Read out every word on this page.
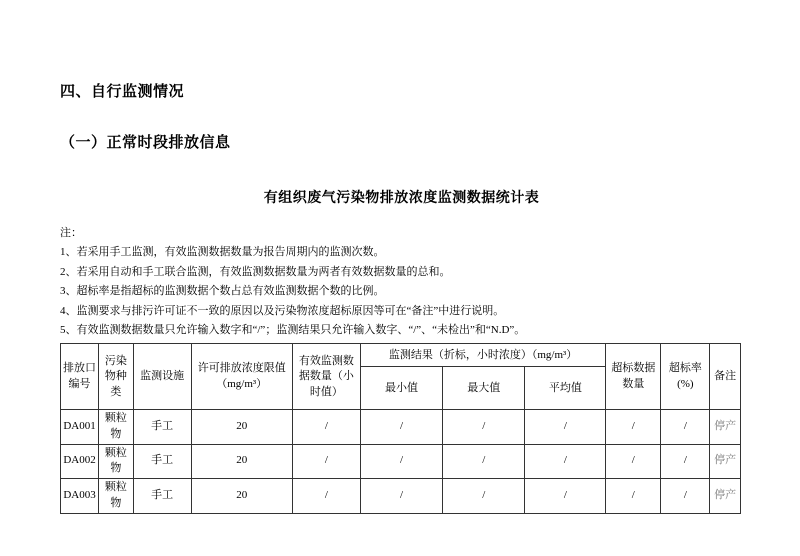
四、自行监测情况
（一）正常时段排放信息
有组织废气污染物排放浓度监测数据统计表
注：
1、若采用手工监测，有效监测数据数量为报告周期内的监测次数。
2、若采用自动和手工联合监测，有效监测数据数量为两者有效数据数量的总和。
3、超标率是指超标的监测数据个数占总有效监测数据个数的比例。
4、监测要求与排污许可证不一致的原因以及污染物浓度超标原因等可在“备注”中进行说明。
5、有效监测数据数量只允许输入数字和“/”；监测结果只允许输入数字、“/”、“未检出”和“N.D”。
排放口编号	污染物种类	监测设施	许可排放浓度限值（mg/m³）	有效监测数据数量（小时值）	监测结果（折标，小时浓度）（mg/m³）			超标数据数量	超标率(%)	备注
					最小值	最大值	平均值			
DA001	颗粒物	手工	20	/	/	/	/	/	/	停产
DA002	颗粒物	手工	20	/	/	/	/	/	/	停产
DA003	颗粒物	手工	20	/	/	/	/	/	/	停产
